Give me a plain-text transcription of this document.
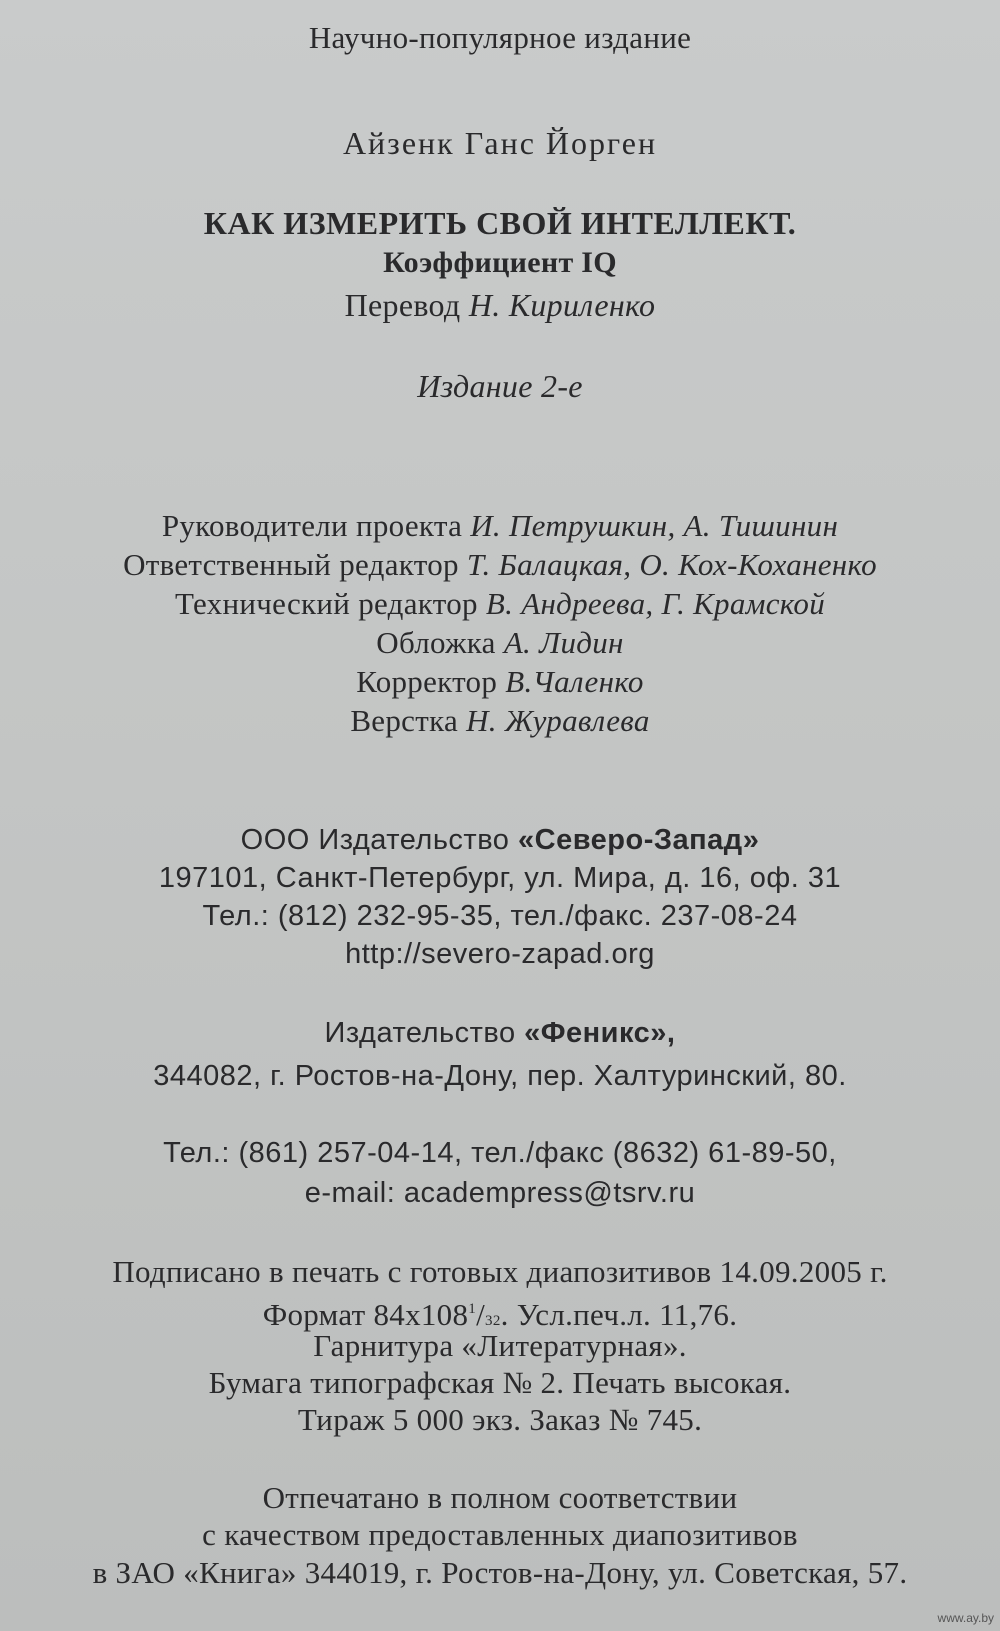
Научно-популярное издание
Айзенк Ганс Йорген
КАК ИЗМЕРИТЬ СВОЙ ИНТЕЛЛЕКТ.
Коэффициент IQ
Перевод Н. Кириленко
Издание 2-е
Руководители проекта И. Петрушкин, А. Тишинин
Ответственный редактор Т. Балацкая, О. Кох-Коханенко
Технический редактор В. Андреева, Г. Крамской
Обложка А. Лидин
Корректор В.Чаленко
Верстка Н. Журавлева
ООО Издательство «Северо-Запад»
197101, Санкт-Петербург, ул. Мира, д. 16, оф. 31
Тел.: (812) 232-95-35, тел./факс. 237-08-24
http://severo-zapad.org
Издательство «Феникс»,
344082, г. Ростов-на-Дону, пер. Халтуринский, 80.
Тел.: (861) 257-04-14, тел./факс (8632) 61-89-50,
e-mail: academpress@tsrv.ru
Подписано в печать с готовых диапозитивов 14.09.2005 г.
Формат $84х108^1/32$. Усл.печ.л. 11,76.
Гарнитура «Литературная».
Бумага типографская № 2. Печать высокая.
Тираж 5 000 экз. Заказ № 745.
Отпечатано в полном соответствии
с качеством предоставленных диапозитивов
в ЗАО «Книга» 344019, г. Ростов-на-Дону, ул. Советская, 57.
www.ay.by
